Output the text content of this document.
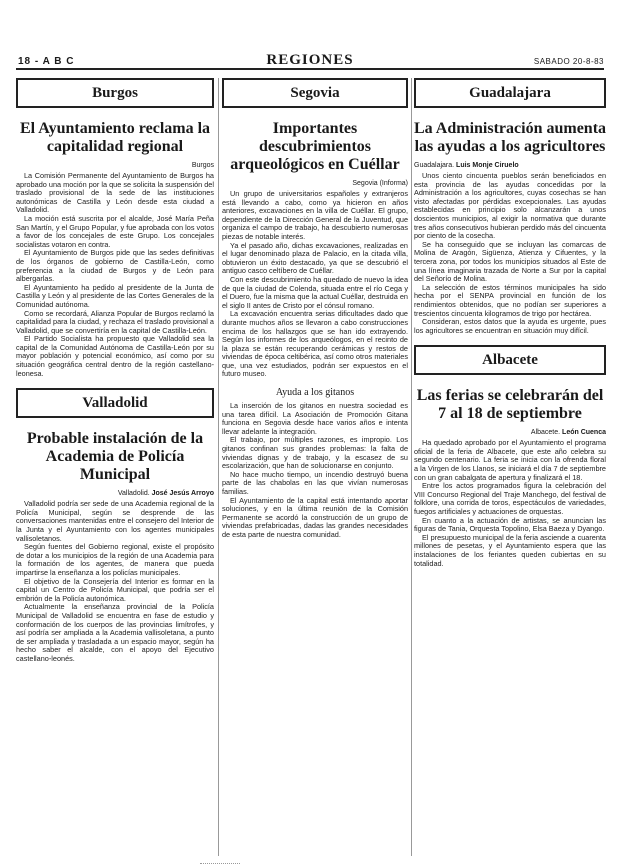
18 - A B C	REGIONES	SABADO 20-8-83
Burgos
El Ayuntamiento reclama la capitalidad regional
Burgos

La Comisión Permanente del Ayuntamiento de Burgos ha aprobado una moción por la que se solicita la suspensión del traslado provisional de la sede de las instituciones autonómicas de Castilla y León desde esta ciudad a Valladolid.

La moción está suscrita por el alcalde, José María Peña San Martín, y el Grupo Popular, y fue aprobada con los votos a favor de los concejales de este Grupo. Los concejales socialistas votaron en contra.

El Ayuntamiento de Burgos pide que las sedes definitivas de los órganos de gobierno de Castilla-León, como preferencia a la ciudad de Burgos y de León para albergarlas.

El Ayuntamiento ha pedido al presidente de la Junta de Castilla y León y al presidente de las Cortes Generales de la Comunidad autónoma.

Como se recordará, Alianza Popular de Burgos reclamó la capitalidad para la ciudad, y rechaza el traslado provisional a Valladolid, que se convertiría en la capital de Castilla-León.

El Partido Socialista ha propuesto que Valladolid sea la capital de la Comunidad Autónoma de Castilla-León por su mayor población y potencial económico, así como por su situación geográfica central dentro de la región castellano-leonesa.

Valladolid
Probable instalación de la Academia de Policía Municipal
Valladolid. José Jesús Arroyo

Valladolid podría ser sede de una Academia regional de la Policía Municipal, según se desprende de las conversaciones mantenidas entre el consejero del Interior de la Junta y el Ayuntamiento con los agentes municipales vallisoletanos.

Según fuentes del Gobierno regional, existe el propósito de dotar a los municipios de la región de una Academia para la formación de los agentes, de manera que pueda impartirse la enseñanza a los policías municipales.

El objetivo de la Consejería del Interior es formar en la capital un Centro de Policía Municipal, que podría ser el embrión de la Policía autonómica.

Actualmente la enseñanza provincial de la Policía Municipal de Valladolid se encuentra en fase de estudio y conformación de los cuerpos de las provincias limítrofes, y así podría ser ampliada a la Academia vallisoletana, a punto de ser ampliada y trasladada a un espacio mayor, según ha hecho saber el alcalde, con el apoyo del Ejecutivo castellano-leonés.

Segovia
Importantes descubrimientos arqueológicos en Cuéllar
Segovia (Informa)

Un grupo de universitarios españoles y extranjeros está llevando a cabo, como ya hicieron en años anteriores, excavaciones en la villa de Cuéllar. El grupo, dependiente de la Dirección General de la Juventud, que organiza el campo de trabajo, ha descubierto numerosas piezas de notable interés.

Ya el pasado año, dichas excavaciones, realizadas en el lugar denominado plaza de Palacio, en la citada villa, obtuvieron un éxito destacado, ya que se descubrió el antiguo casco celtíbero de Cuéllar.

Con este descubrimiento ha quedado de nuevo la idea de que la ciudad de Colenda, situada entre el río Cega y el Duero, fue la misma que la actual Cuéllar, destruida en el siglo II antes de Cristo por el cónsul romano.

La excavación encuentra serias dificultades dado que durante muchos años se llevaron a cabo construcciones encima de los hallazgos que se han ido extrayendo. Según los informes de los arqueólogos, en el recinto de la plaza se están recuperando cerámicas y restos de viviendas de época celtibérica, así como otros materiales que, una vez estudiados, podrán ser expuestos en el futuro museo.

Ayuda a los gitanos

La inserción de los gitanos en nuestra sociedad es una tarea difícil. La Asociación de Promoción Gitana funciona en Segovia desde hace varios años e intenta llevar adelante la integración.

El trabajo, por múltiples razones, es impropio. Los gitanos confinan sus grandes problemas: la falta de viviendas dignas y de trabajo, y la escasez de su escolarización, que han de solucionarse en conjunto.

No hace mucho tiempo, un incendio destruyó buena parte de las chabolas en las que vivían numerosas familias.

El Ayuntamiento de la capital está intentando aportar soluciones, y en la última reunión de la Comisión Permanente se acordó la construcción de un grupo de viviendas prefabricadas, dadas las grandes necesidades de esta parte de nuestra comunidad.

Guadalajara
La Administración aumenta las ayudas a los agricultores
Guadalajara. Luis Monje Ciruelo

Unos ciento cincuenta pueblos serán beneficiados en esta provincia de las ayudas concedidas por la Administración a los agricultores, cuyas cosechas se han visto afectadas por pérdidas excepcionales. Las ayudas establecidas en principio solo alcanzarán a unos doscientos municipios, al exigir la normativa que durante tres años consecutivos hubieran perdido más del cincuenta por ciento de la cosecha.

Se ha conseguido que se incluyan las comarcas de Molina de Aragón, Sigüenza, Atienza y Cifuentes, y la tercera zona, por todos los municipios situados al Este de una línea imaginaria trazada de Norte a Sur por la capital del Señorío de Molina.

La selección de estos términos municipales ha sido hecha por el SENPA provincial en función de los rendimientos obtenidos, que no podían ser superiores a trescientos cincuenta kilogramos de trigo por hectárea.

Consideran, estos datos que la ayuda es urgente, pues los agricultores se encuentran en situación muy difícil.

Albacete
Las ferias se celebrarán del 7 al 18 de septiembre
Albacete. León Cuenca

Ha quedado aprobado por el Ayuntamiento el programa oficial de la feria de Albacete, que este año celebra su segundo centenario. La feria se inicia con la ofrenda floral a la Virgen de los Llanos, se iniciará el día 7 de septiembre con un gran cabalgata de apertura y finalizará el 18.

Entre los actos programados figura la celebración del VIII Concurso Regional del Traje Manchego, del festival de folklore, una corrida de toros, espectáculos de variedades, fuegos artificiales y actuaciones de orquestas.

En cuanto a la actuación de artistas, se anuncian las figuras de Tania, Orquesta Topolino, Elsa Baeza y Dyango.

El presupuesto municipal de la feria asciende a cuarenta millones de pesetas, y el Ayuntamiento espera que las instalaciones de los feriantes queden cubiertas en su totalidad.
